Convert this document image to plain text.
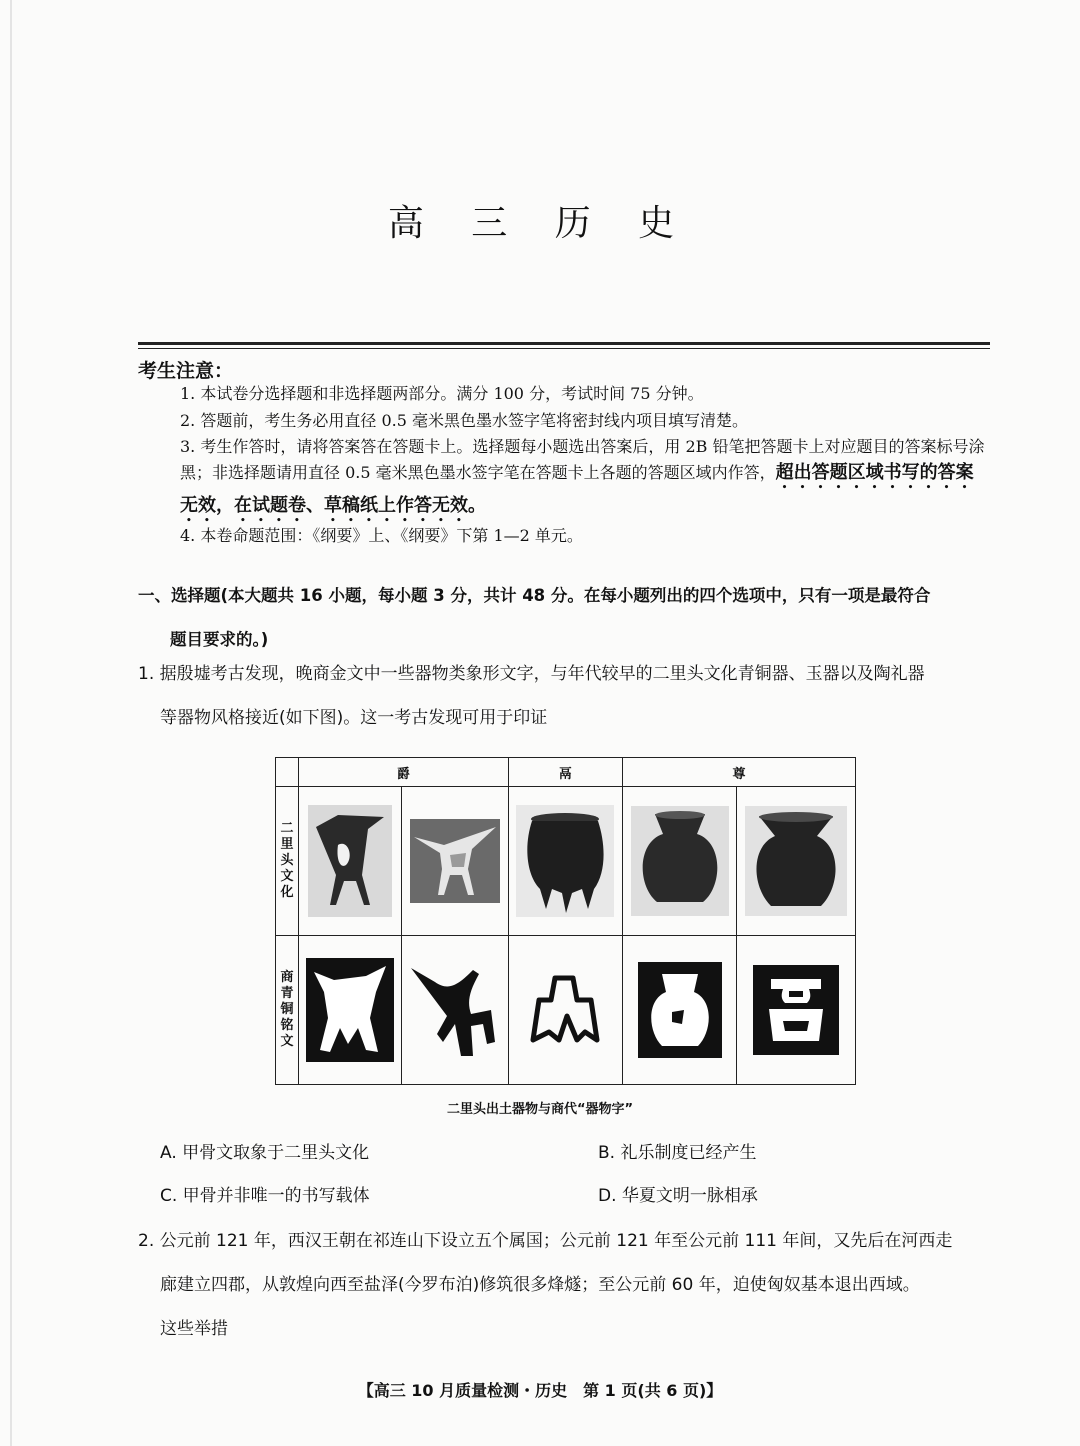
高 三 历 史
考生注意：
1. 本试卷分选择题和非选择题两部分。满分 100 分，考试时间 75 分钟。
2. 答题前，考生务必用直径 0.5 毫米黑色墨水签字笔将密封线内项目填写清楚。
3. 考生作答时，请将答案答在答题卡上。选择题每小题选出答案后，用 2B 铅笔把答题卡上对应题目的答案标号涂黑；非选择题请用直径 0.5 毫米黑色墨水签字笔在答题卡上各题的答题区域内作答，超出答题区域书写的答案无效，在试题卷、草稿纸上作答无效。
4. 本卷命题范围：《纲要》上、《纲要》下第 1—2 单元。
一、选择题(本大题共 16 小题，每小题 3 分，共计 48 分。在每小题列出的四个选项中，只有一项是最符合
题目要求的。)
1. 据殷墟考古发现，晚商金文中一些器物类象形文字，与年代较早的二里头文化青铜器、玉器以及陶礼器
等器物风格接近(如下图)。这一考古发现可用于印证
	爵		鬲	尊	

二里头文化

商青铜铭文

二里头出土器物与商代“器物字”
A. 甲骨文取象于二里头文化	B. 礼乐制度已经产生
C. 甲骨并非唯一的书写载体	D. 华夏文明一脉相承
2. 公元前 121 年，西汉王朝在祁连山下设立五个属国；公元前 121 年至公元前 111 年间，又先后在河西走
廊建立四郡，从敦煌向西至盐泽(今罗布泊)修筑很多烽燧；至公元前 60 年，迫使匈奴基本退出西域。
这些举措
【高三 10 月质量检测・历史　第 1 页(共 6 页)】
